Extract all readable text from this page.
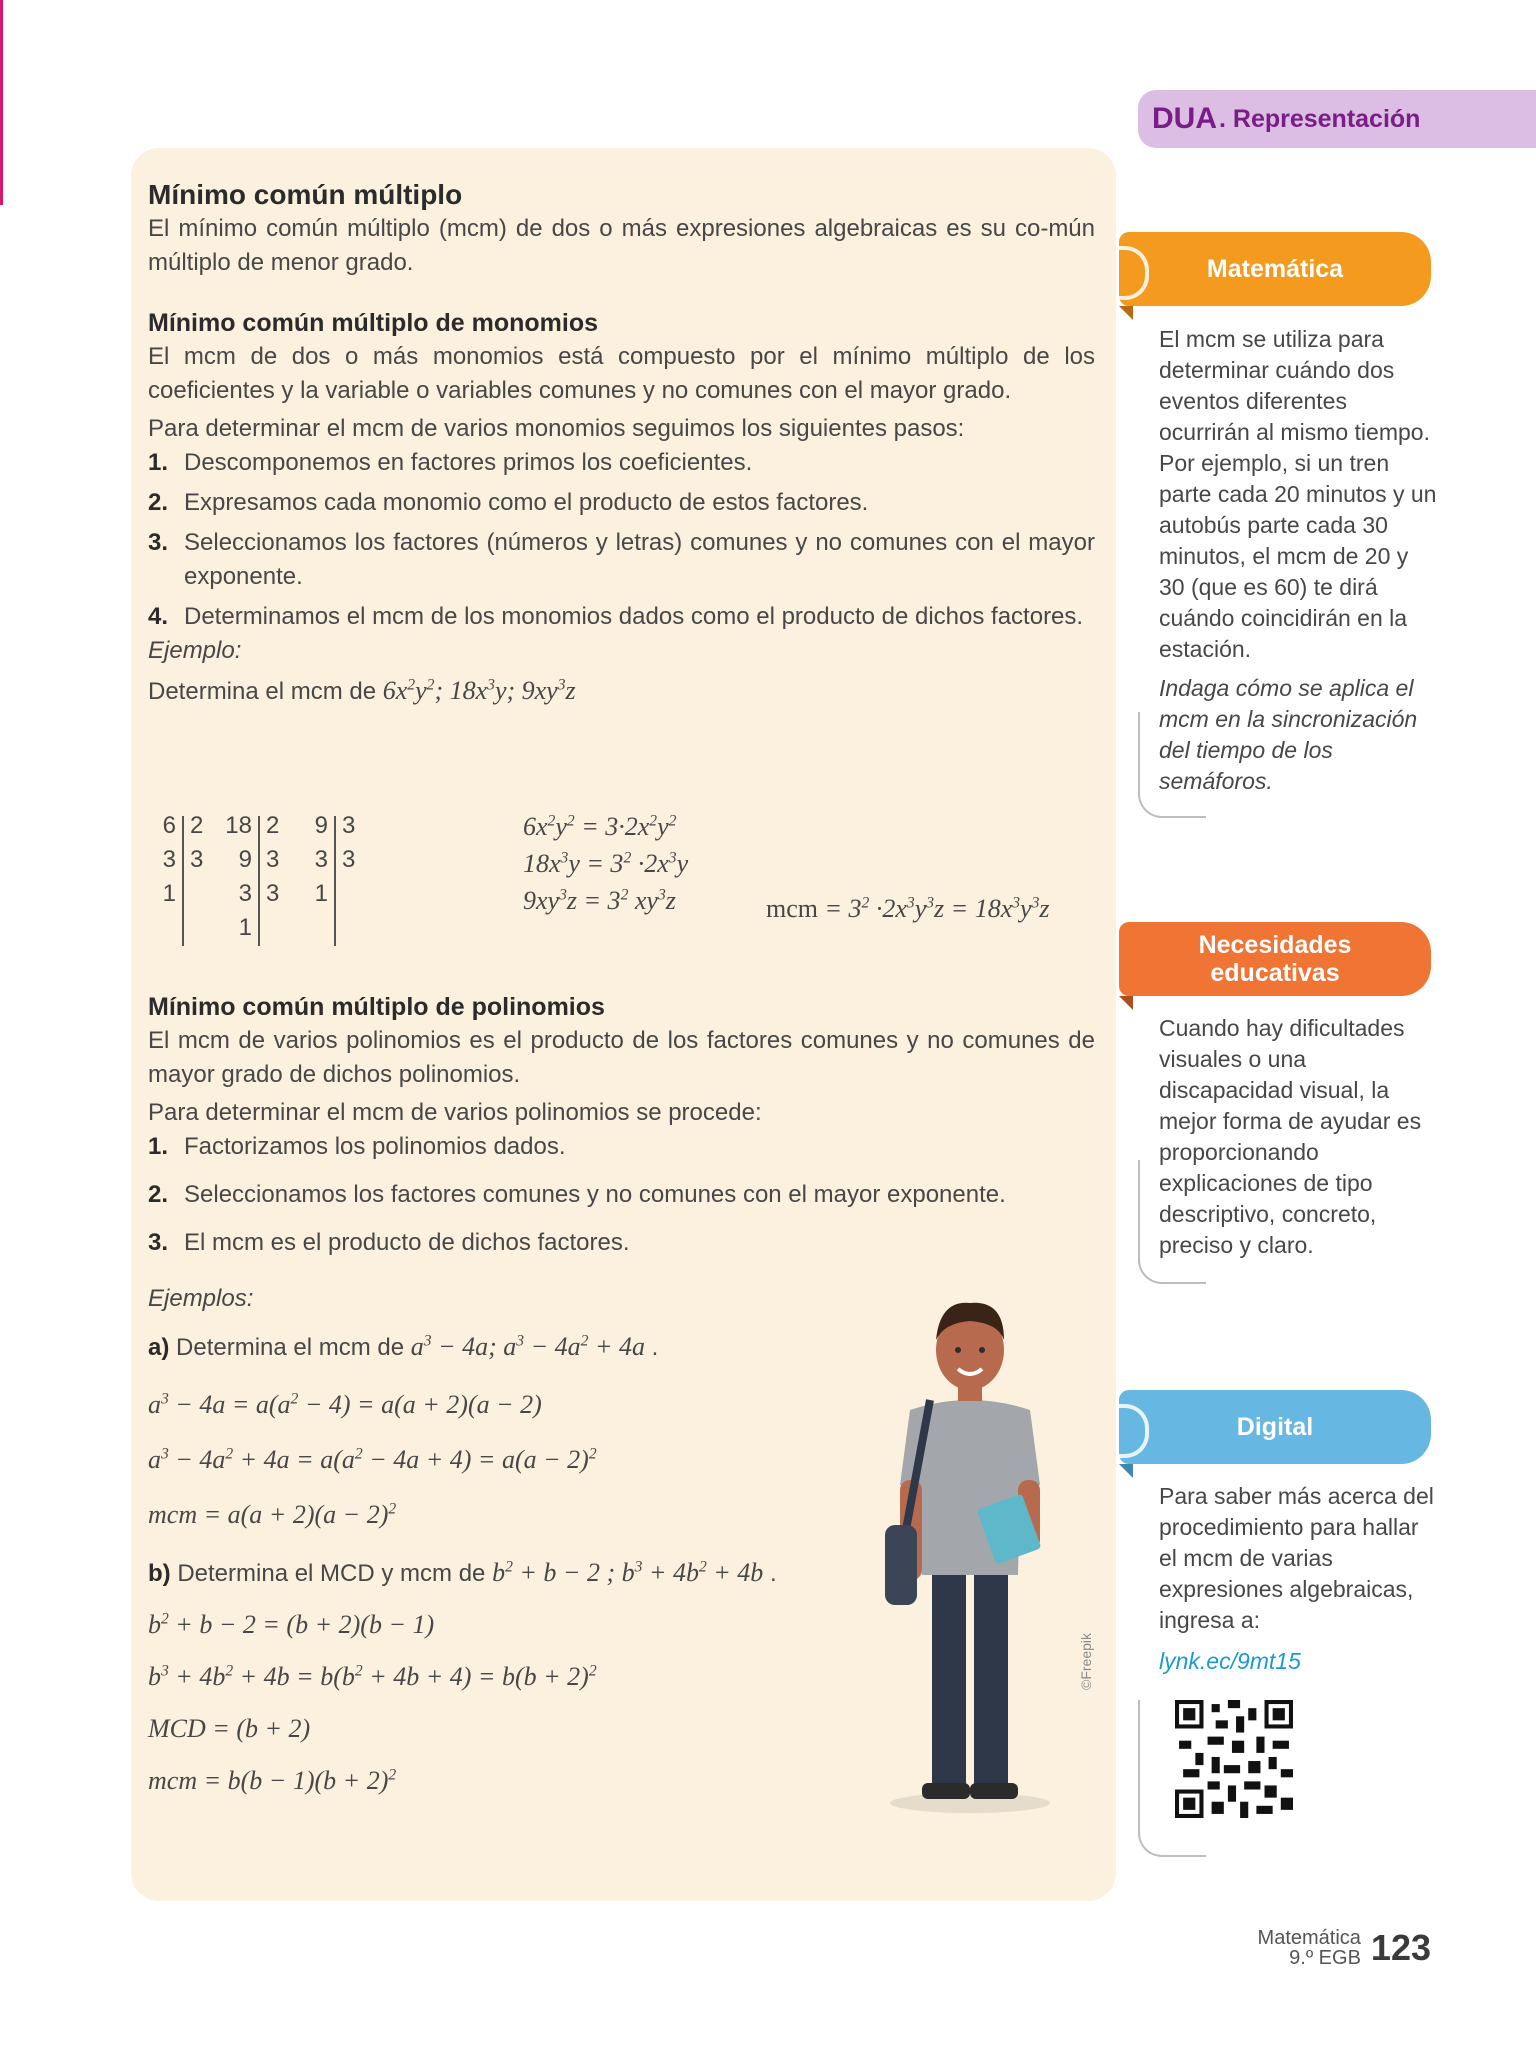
DUA . Representación

Mínimo común múltiplo

El mínimo común múltiplo (mcm) de dos o más expresiones algebraicas es su co-mún múltiplo de menor grado.

Mínimo común múltiplo de monomios

El mcm de dos o más monomios está compuesto por el mínimo múltiplo de los coeficientes y la variable o variables comunes y no comunes con el mayor grado.

Para determinar el mcm de varios monomios seguimos los siguientes pasos:

1. Descomponemos en factores primos los coeficientes.
2. Expresamos cada monomio como el producto de estos factores.
3. Seleccionamos los factores (números y letras) comunes y no comunes con el mayor exponente.
4. Determinamos el mcm de los monomios dados como el producto de dichos factores.

Ejemplo:

Determina el mcm de $6x^2y^2$; $18x^3y$; $9xy^3z$

6 2
3 3
1
18 2
9 3
3 3
1
9 3
3 3
1
$6x^2y^2 = 3\cdot 2x^2y^2$
$18x^3y = 3^2 \cdot 2x^3y$
$9xy^3z = 3^2$ $xy^3z$	mcm = $3^2 \cdot 2x^3y^3z = 18x^3y^3z$

Mínimo común múltiplo de polinomios

El mcm de varios polinomios es el producto de los factores comunes y no comunes de mayor grado de dichos polinomios.

Para determinar el mcm de varios polinomios se procede:

1. Factorizamos los polinomios dados.
2. Seleccionamos los factores comunes y no comunes con el mayor exponente.
3. El mcm es el producto de dichos factores.

Ejemplos:

a) Determina el mcm de $a^3 - 4a$; $a^3 - 4a^2 + 4a$ .

$a^3 - 4a = a(a^2 - 4) = a(a + 2)(a - 2)$
$a^3 - 4a^2 + 4a = a(a^2 - 4a + 4) = a(a - 2)^2$
mcm = $a(a + 2)(a - 2)^2$

b) Determina el MCD y mcm de $b^2 + b - 2$ ; $b^3 + 4b^2 + 4b$ .

$b^2 + b - 2 = (b + 2)(b - 1)$
$b^3 + 4b^2 + 4b = b(b^2 + 4b + 4) = b(b + 2)^2$
MCD = (b + 2)
mcm = $b(b - 1)(b + 2)^2$
©Freepik
Matemática

El mcm se utiliza para determinar cuándo dos eventos diferentes ocurrirán al mismo tiempo. Por ejemplo, si un tren parte cada 20 minutos y un autobús parte cada 30 minutos, el mcm de 20 y 30 (que es 60) te dirá cuándo coincidirán en la estación.

Indaga cómo se aplica el mcm en la sincronización del tiempo de los semáforos.

Necesidades educativas

Cuando hay dificultades visuales o una discapacidad visual, la mejor forma de ayudar es proporcionando explicaciones de tipo descriptivo, concreto, preciso y claro.

Digital

Para saber más acerca del procedimiento para hallar el mcm de varias expresiones algebraicas, ingresa a:

lynk.ec/9mt15

Matemática
9.º EGB 123
